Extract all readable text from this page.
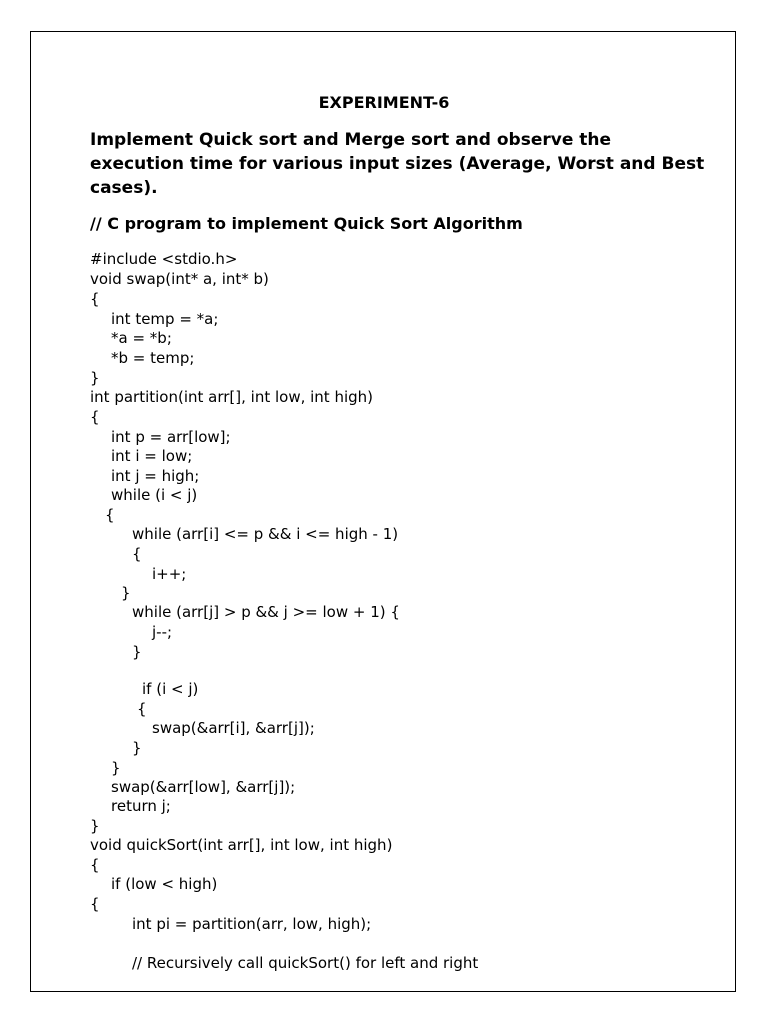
EXPERIMENT-6
Implement Quick sort and Merge sort and observe the execution time for various input sizes (Average, Worst and Best cases).
// C program to implement Quick Sort Algorithm
#include <stdio.h>
void swap(int* a, int* b)
{
int temp = *a;
*a = *b;
*b = temp;
}
int partition(int arr[], int low, int high)
{
int p = arr[low];
int i = low;
int j = high;
while (i < j)
{
while (arr[i] <= p && i <= high - 1)
{
i++;
}
while (arr[j] > p && j >= low + 1) {
j--;
}
if (i < j)
{
swap(&arr[i], &arr[j]);
}
}
swap(&arr[low], &arr[j]);
return j;
}
void quickSort(int arr[], int low, int high)
{
if (low < high)
{
int pi = partition(arr, low, high);
// Recursively call quickSort() for left and right
